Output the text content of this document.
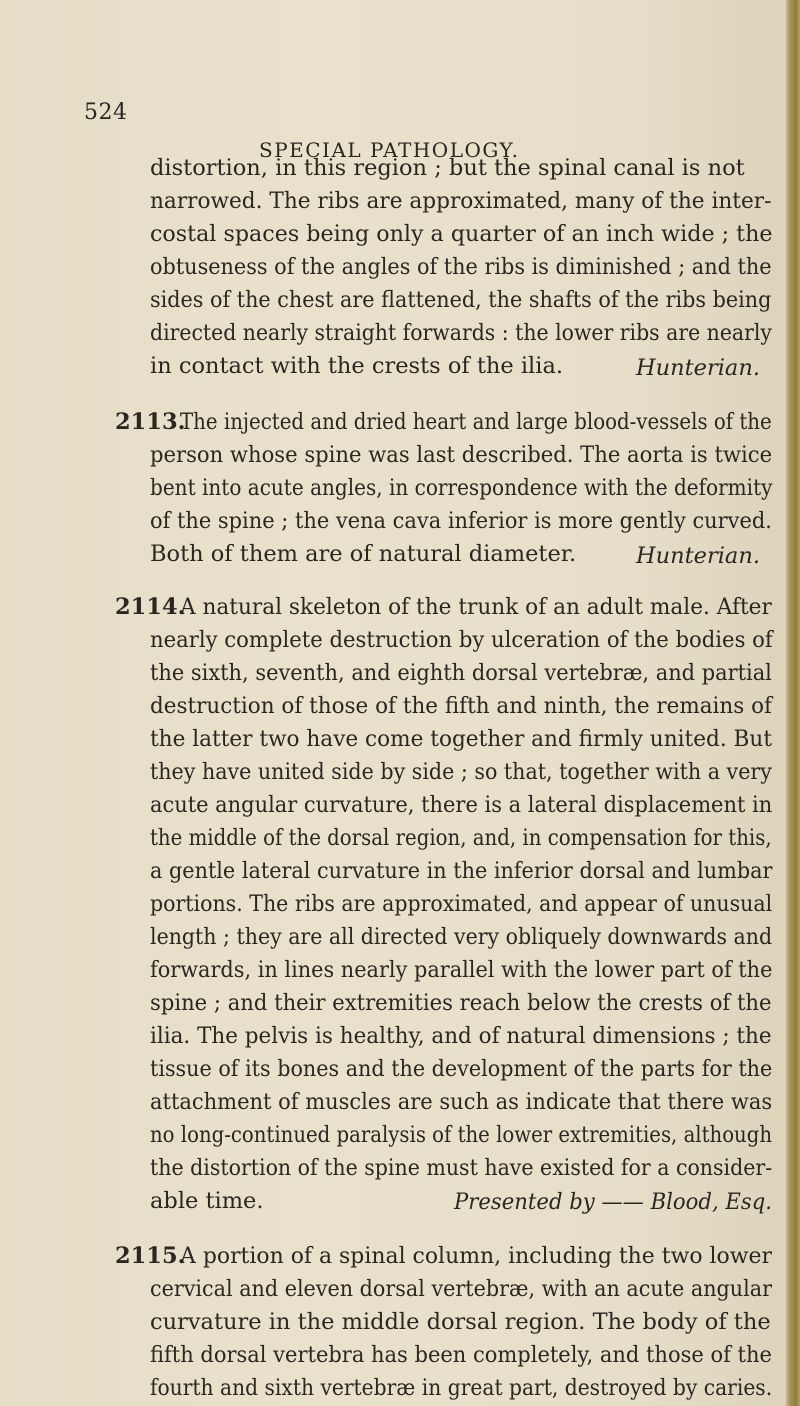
524
SPECIAL PATHOLOGY.
distortion, in this region ; but the spinal canal is not
narrowed. The ribs are approximated, many of the inter-
costal spaces being only a quarter of an inch wide ; the
obtuseness of the angles of the ribs is diminished ; and the
sides of the chest are flattened, the shafts of the ribs being
directed nearly straight forwards : the lower ribs are nearly
in contact with the crests of the ilia.	Hunterian.
2113.
The injected and dried heart and large blood-vessels of the
person whose spine was last described. The aorta is twice
bent into acute angles, in correspondence with the deformity
of the spine ; the vena cava inferior is more gently curved.
Both of them are of natural diameter.	Hunterian.
2114.
A natural skeleton of the trunk of an adult male. After
nearly complete destruction by ulceration of the bodies of
the sixth, seventh, and eighth dorsal vertebræ, and partial
destruction of those of the fifth and ninth, the remains of
the latter two have come together and firmly united. But
they have united side by side ; so that, together with a very
acute angular curvature, there is a lateral displacement in
the middle of the dorsal region, and, in compensation for this,
a gentle lateral curvature in the inferior dorsal and lumbar
portions. The ribs are approximated, and appear of unusual
length ; they are all directed very obliquely downwards and
forwards, in lines nearly parallel with the lower part of the
spine ; and their extremities reach below the crests of the
ilia. The pelvis is healthy, and of natural dimensions ; the
tissue of its bones and the development of the parts for the
attachment of muscles are such as indicate that there was
no long-continued paralysis of the lower extremities, although
the distortion of the spine must have existed for a consider-
able time.	Presented by —— Blood, Esq.
2115.
A portion of a spinal column, including the two lower
cervical and eleven dorsal vertebræ, with an acute angular
curvature in the middle dorsal region. The body of the
fifth dorsal vertebra has been completely, and those of the
fourth and sixth vertebræ in great part, destroyed by caries.
